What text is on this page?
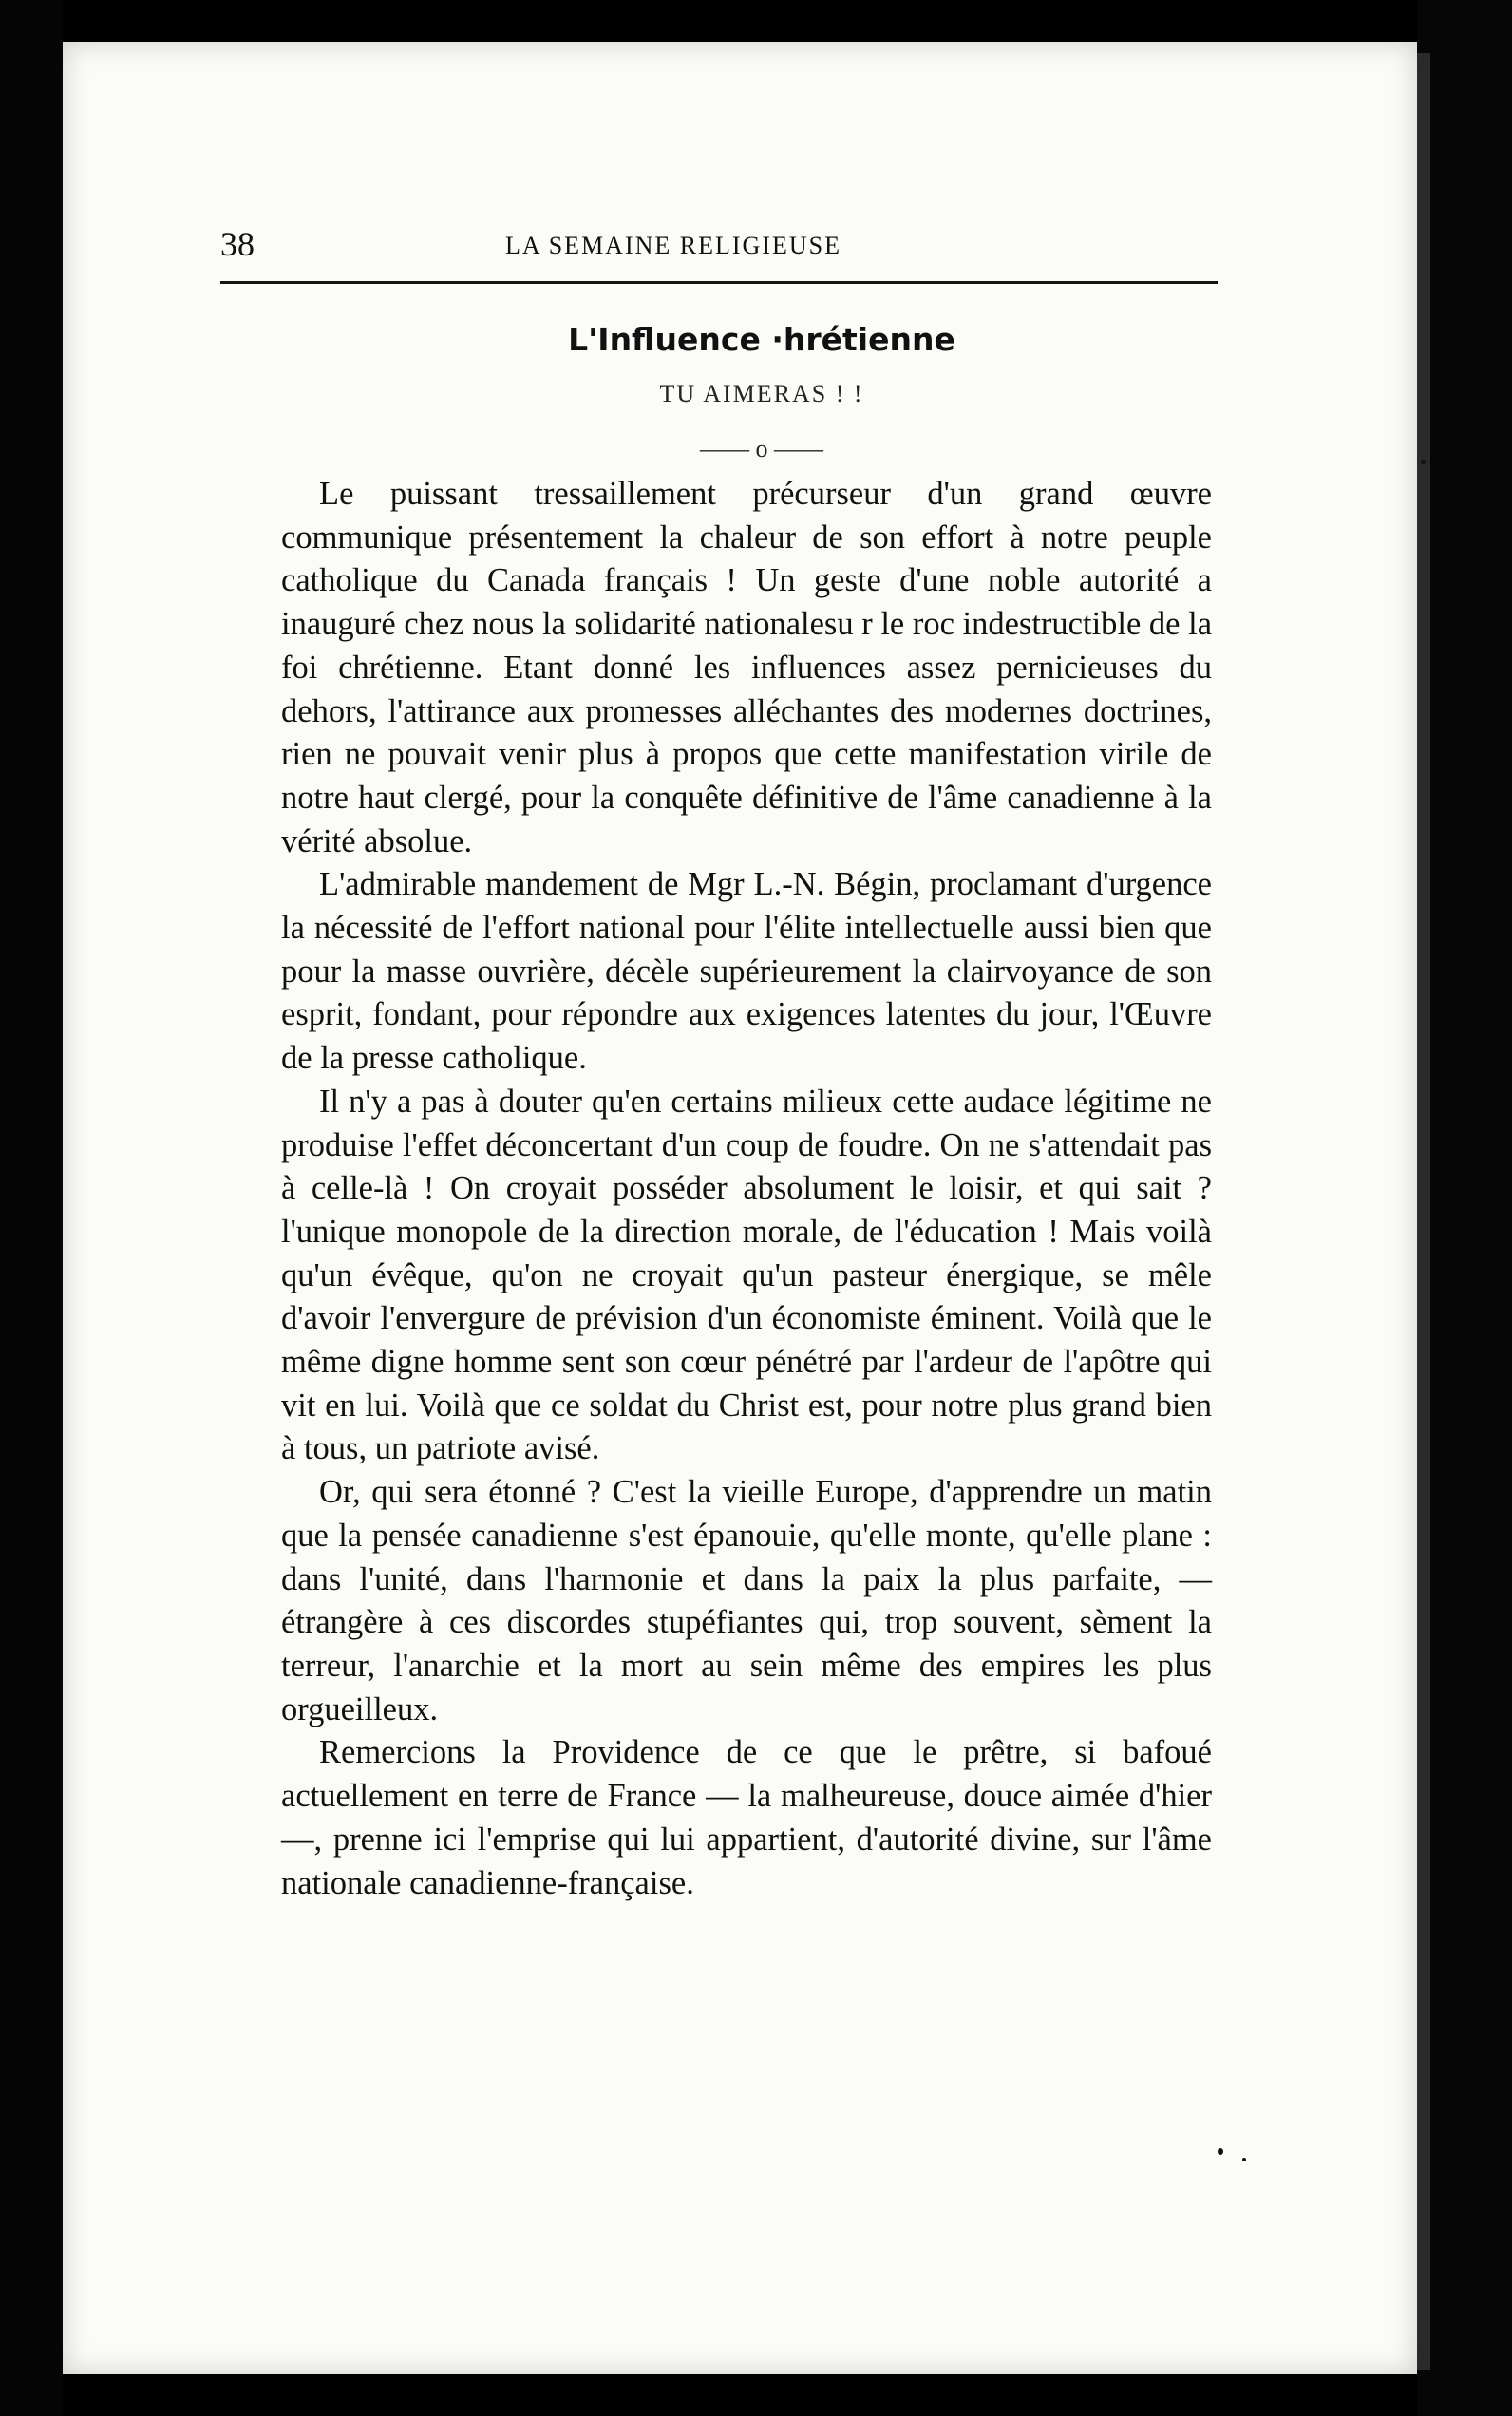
38	LA SEMAINE RELIGIEUSE
L'Influence ·hrétienne
TU AIMERAS ! !
—— o ——

Le puissant tressaillement précurseur d'un grand œuvre communique présentement la chaleur de son effort à notre peuple catholique du Canada français ! Un geste d'une noble autorité a inauguré chez nous la solidarité nationalesu r le roc indestructible de la foi chrétienne. Etant donné les influences assez pernicieuses du dehors, l'attirance aux promesses alléchantes des modernes doctrines, rien ne pouvait venir plus à propos que cette manifestation virile de notre haut clergé, pour la conquête définitive de l'âme canadienne à la vérité absolue.

L'admirable mandement de Mgr L.-N. Bégin, proclamant d'urgence la nécessité de l'effort national pour l'élite intellectuelle aussi bien que pour la masse ouvrière, décèle supérieurement la clairvoyance de son esprit, fondant, pour répondre aux exigences latentes du jour, l'Œuvre de la presse catholique.

Il n'y a pas à douter qu'en certains milieux cette audace légitime ne produise l'effet déconcertant d'un coup de foudre. On ne s'attendait pas à celle-là ! On croyait posséder absolument le loisir, et qui sait ? l'unique monopole de la direction morale, de l'éducation ! Mais voilà qu'un évêque, qu'on ne croyait qu'un pasteur énergique, se mêle d'avoir l'envergure de prévision d'un économiste éminent. Voilà que le même digne homme sent son cœur pénétré par l'ardeur de l'apôtre qui vit en lui. Voilà que ce soldat du Christ est, pour notre plus grand bien à tous, un patriote avisé.

Or, qui sera étonné ? C'est la vieille Europe, d'apprendre un matin que la pensée canadienne s'est épanouie, qu'elle monte, qu'elle plane : dans l'unité, dans l'harmonie et dans la paix la plus parfaite, — étrangère à ces discordes stupéfiantes qui, trop souvent, sèment la terreur, l'anarchie et la mort au sein même des empires les plus orgueilleux.

Remercions la Providence de ce que le prêtre, si bafoué actuellement en terre de France — la malheureuse, douce aimée d'hier —, prenne ici l'emprise qui lui appartient, d'autorité divine, sur l'âme nationale canadienne-française.
